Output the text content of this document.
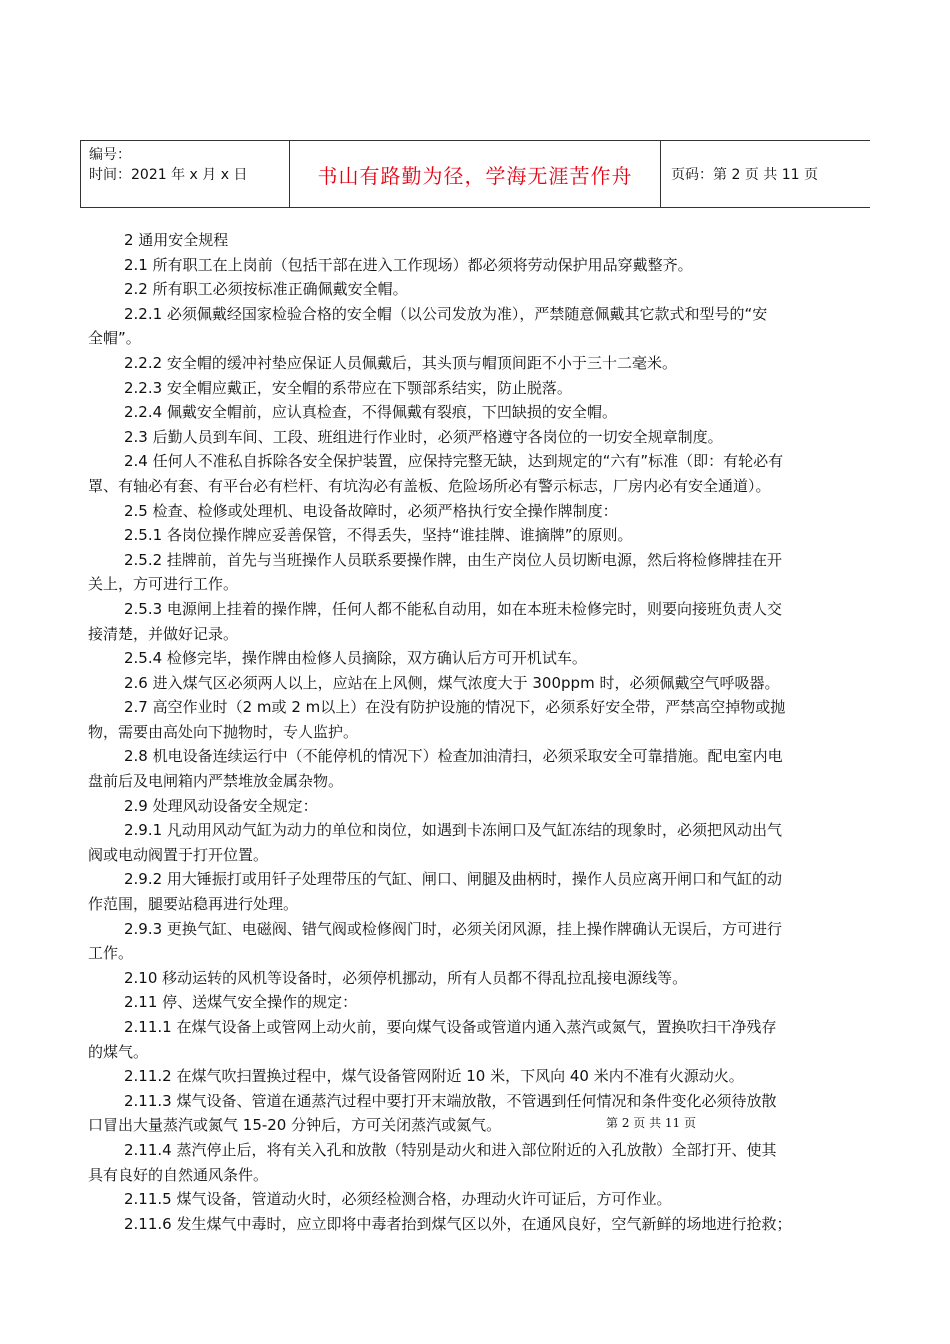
编号：
时间：2021 年 x 月 x 日	书山有路勤为径，学海无涯苦作舟	页码：第 2 页 共 11 页
2 通用安全规程
2.1 所有职工在上岗前（包括干部在进入工作现场）都必须将劳动保护用品穿戴整齐。
2.2 所有职工必须按标准正确佩戴安全帽。
2.2.1 必须佩戴经国家检验合格的安全帽（以公司发放为准），严禁随意佩戴其它款式和型号的“安
全帽”。
2.2.2 安全帽的缓冲衬垫应保证人员佩戴后，其头顶与帽顶间距不小于三十二毫米。
2.2.3 安全帽应戴正，安全帽的系带应在下颚部系结实，防止脱落。
2.2.4 佩戴安全帽前，应认真检查，不得佩戴有裂痕，下凹缺损的安全帽。
2.3 后勤人员到车间、工段、班组进行作业时，必须严格遵守各岗位的一切安全规章制度。
2.4 任何人不准私自拆除各安全保护装置，应保持完整无缺，达到规定的“六有”标准（即：有轮必有
罩、有轴必有套、有平台必有栏杆、有坑沟必有盖板、危险场所必有警示标志，厂房内必有安全通道）。
2.5 检查、检修或处理机、电设备故障时，必须严格执行安全操作牌制度：
2.5.1 各岗位操作牌应妥善保管，不得丢失，坚持“谁挂牌、谁摘牌”的原则。
2.5.2 挂牌前，首先与当班操作人员联系要操作牌，由生产岗位人员切断电源，然后将检修牌挂在开
关上，方可进行工作。
2.5.3 电源闸上挂着的操作牌，任何人都不能私自动用，如在本班未检修完时，则要向接班负责人交
接清楚，并做好记录。
2.5.4 检修完毕，操作牌由检修人员摘除，双方确认后方可开机试车。
2.6 进入煤气区必须两人以上，应站在上风侧，煤气浓度大于 300ppm 时，必须佩戴空气呼吸器。
2.7 高空作业时（2 m或 2 m以上）在没有防护设施的情况下，必须系好安全带，严禁高空掉物或抛
物，需要由高处向下抛物时，专人监护。
2.8 机电设备连续运行中（不能停机的情况下）检查加油清扫，必须采取安全可靠措施。配电室内电
盘前后及电闸箱内严禁堆放金属杂物。
2.9 处理风动设备安全规定：
2.9.1 凡动用风动气缸为动力的单位和岗位，如遇到卡冻闸口及气缸冻结的现象时，必须把风动出气
阀或电动阀置于打开位置。
2.9.2 用大锤振打或用钎子处理带压的气缸、闸口、闸腿及曲柄时，操作人员应离开闸口和气缸的动
作范围，腿要站稳再进行处理。
2.9.3 更换气缸、电磁阀、错气阀或检修阀门时，必须关闭风源，挂上操作牌确认无误后，方可进行
工作。
2.10 移动运转的风机等设备时，必须停机挪动，所有人员都不得乱拉乱接电源线等。
2.11 停、送煤气安全操作的规定：
2.11.1 在煤气设备上或管网上动火前，要向煤气设备或管道内通入蒸汽或氮气，置换吹扫干净残存
的煤气。
2.11.2 在煤气吹扫置换过程中，煤气设备管网附近 10 米，下风向 40 米内不准有火源动火。
2.11.3 煤气设备、管道在通蒸汽过程中要打开末端放散，不管遇到任何情况和条件变化必须待放散
口冒出大量蒸汽或氮气 15-20 分钟后，方可关闭蒸汽或氮气。
2.11.4 蒸汽停止后，将有关入孔和放散（特别是动火和进入部位附近的入孔放散）全部打开、使其
具有良好的自然通风条件。
2.11.5 煤气设备，管道动火时，必须经检测合格，办理动火许可证后，方可作业。
2.11.6 发生煤气中毒时，应立即将中毒者抬到煤气区以外，在通风良好，空气新鲜的场地进行抢救；
第 2 页 共 11 页
